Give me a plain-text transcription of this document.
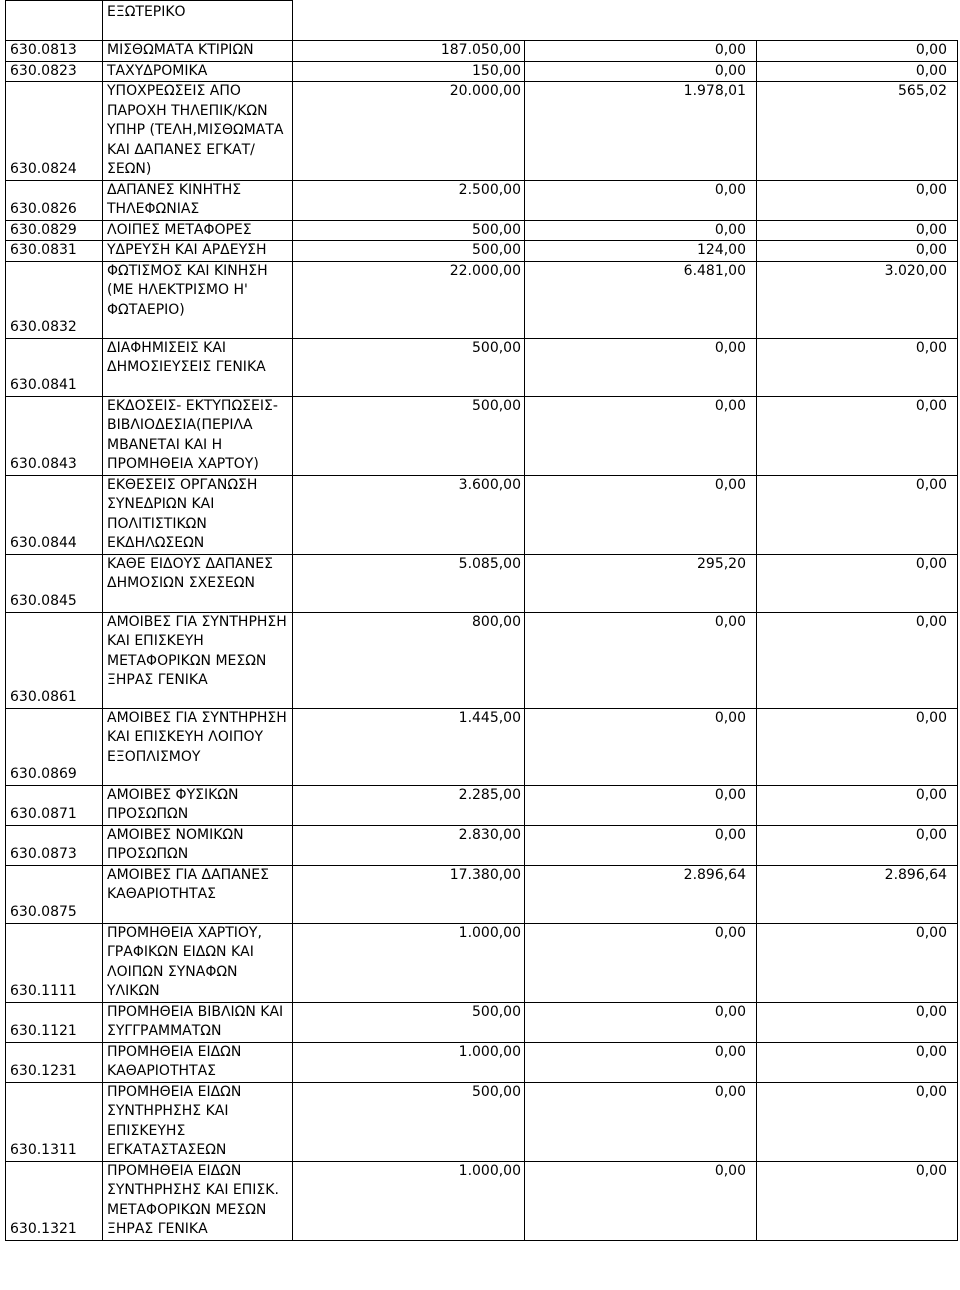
	ΕΞΩΤΕΡΙΚΟ			
630.0813	ΜΙΣΘΩΜΑΤΑ ΚΤΙΡΙΩΝ	187.050,00	0,00	0,00
630.0823	ΤΑΧΥΔΡΟΜΙΚΑ	150,00	0,00	0,00
630.0824	ΥΠΟΧΡΕΩΣΕΙΣ ΑΠΟ ΠΑΡΟΧΗ ΤΗΛΕΠΙΚ/ΚΩΝ ΥΠΗΡ (ΤΕΛΗ,ΜΙΣΘΩΜΑΤΑ ΚΑΙ ΔΑΠΑΝΕΣ ΕΓΚΑΤ/ΣΕΩΝ)	20.000,00	1.978,01	565,02
630.0826	ΔΑΠΑΝΕΣ ΚΙΝΗΤΗΣ ΤΗΛΕΦΩΝΙΑΣ	2.500,00	0,00	0,00
630.0829	ΛΟΙΠΕΣ ΜΕΤΑΦΟΡΕΣ	500,00	0,00	0,00
630.0831	ΥΔΡΕΥΣΗ ΚΑΙ ΑΡΔΕΥΣΗ	500,00	124,00	0,00
630.0832	ΦΩΤΙΣΜΟΣ ΚΑΙ ΚΙΝΗΣΗ (ΜΕ ΗΛΕΚΤΡΙΣΜΟ Η' ΦΩΤΑΕΡΙΟ)	22.000,00	6.481,00	3.020,00
630.0841	ΔΙΑΦΗΜΙΣΕΙΣ ΚΑΙ ΔΗΜΟΣΙΕΥΣΕΙΣ ΓΕΝΙΚΑ	500,00	0,00	0,00
630.0843	ΕΚΔΟΣΕΙΣ- ΕΚΤΥΠΩΣΕΙΣ- ΒΙΒΛΙΟΔΕΣΙΑ(ΠΕΡΙΛΑ ΜΒΑΝΕΤΑΙ ΚΑΙ Η ΠΡΟΜΗΘΕΙΑ ΧΑΡΤΟΥ)	500,00	0,00	0,00
630.0844	ΕΚΘΕΣΕΙΣ ΟΡΓΑΝΩΣΗ ΣΥΝΕΔΡΙΩΝ ΚΑΙ ΠΟΛΙΤΙΣΤΙΚΩΝ ΕΚΔΗΛΩΣΕΩΝ	3.600,00	0,00	0,00
630.0845	ΚΑΘΕ ΕΙΔΟΥΣ ΔΑΠΑΝΕΣ ΔΗΜΟΣΙΩΝ ΣΧΕΣΕΩΝ	5.085,00	295,20	0,00
630.0861	ΑΜΟΙΒΕΣ ΓΙΑ ΣΥΝΤΗΡΗΣΗ ΚΑΙ ΕΠΙΣΚΕΥΗ ΜΕΤΑΦΟΡΙΚΩΝ ΜΕΣΩΝ ΞΗΡΑΣ ΓΕΝΙΚΑ	800,00	0,00	0,00
630.0869	ΑΜΟΙΒΕΣ ΓΙΑ ΣΥΝΤΗΡΗΣΗ ΚΑΙ ΕΠΙΣΚΕΥΗ ΛΟΙΠΟΥ ΕΞΟΠΛΙΣΜΟΥ	1.445,00	0,00	0,00
630.0871	ΑΜΟΙΒΕΣ ΦΥΣΙΚΩΝ ΠΡΟΣΩΠΩΝ	2.285,00	0,00	0,00
630.0873	ΑΜΟΙΒΕΣ ΝΟΜΙΚΩΝ ΠΡΟΣΩΠΩΝ	2.830,00	0,00	0,00
630.0875	ΑΜΟΙΒΕΣ ΓΙΑ ΔΑΠΑΝΕΣ ΚΑΘΑΡΙΟΤΗΤΑΣ	17.380,00	2.896,64	2.896,64
630.1111	ΠΡΟΜΗΘΕΙΑ ΧΑΡΤΙΟΥ, ΓΡΑΦΙΚΩΝ ΕΙΔΩΝ ΚΑΙ ΛΟΙΠΩΝ ΣΥΝΑΦΩΝ ΥΛΙΚΩΝ	1.000,00	0,00	0,00
630.1121	ΠΡΟΜΗΘΕΙΑ ΒΙΒΛΙΩΝ ΚΑΙ ΣΥΓΓΡΑΜΜΑΤΩΝ	500,00	0,00	0,00
630.1231	ΠΡΟΜΗΘΕΙΑ ΕΙΔΩΝ ΚΑΘΑΡΙΟΤΗΤΑΣ	1.000,00	0,00	0,00
630.1311	ΠΡΟΜΗΘΕΙΑ ΕΙΔΩΝ ΣΥΝΤΗΡΗΣΗΣ ΚΑΙ ΕΠΙΣΚΕΥΗΣ ΕΓΚΑΤΑΣΤΑΣΕΩΝ	500,00	0,00	0,00
630.1321	ΠΡΟΜΗΘΕΙΑ ΕΙΔΩΝ ΣΥΝΤΗΡΗΣΗΣ ΚΑΙ ΕΠΙΣΚ. ΜΕΤΑΦΟΡΙΚΩΝ ΜΕΣΩΝ ΞΗΡΑΣ ΓΕΝΙΚΑ	1.000,00	0,00	0,00
